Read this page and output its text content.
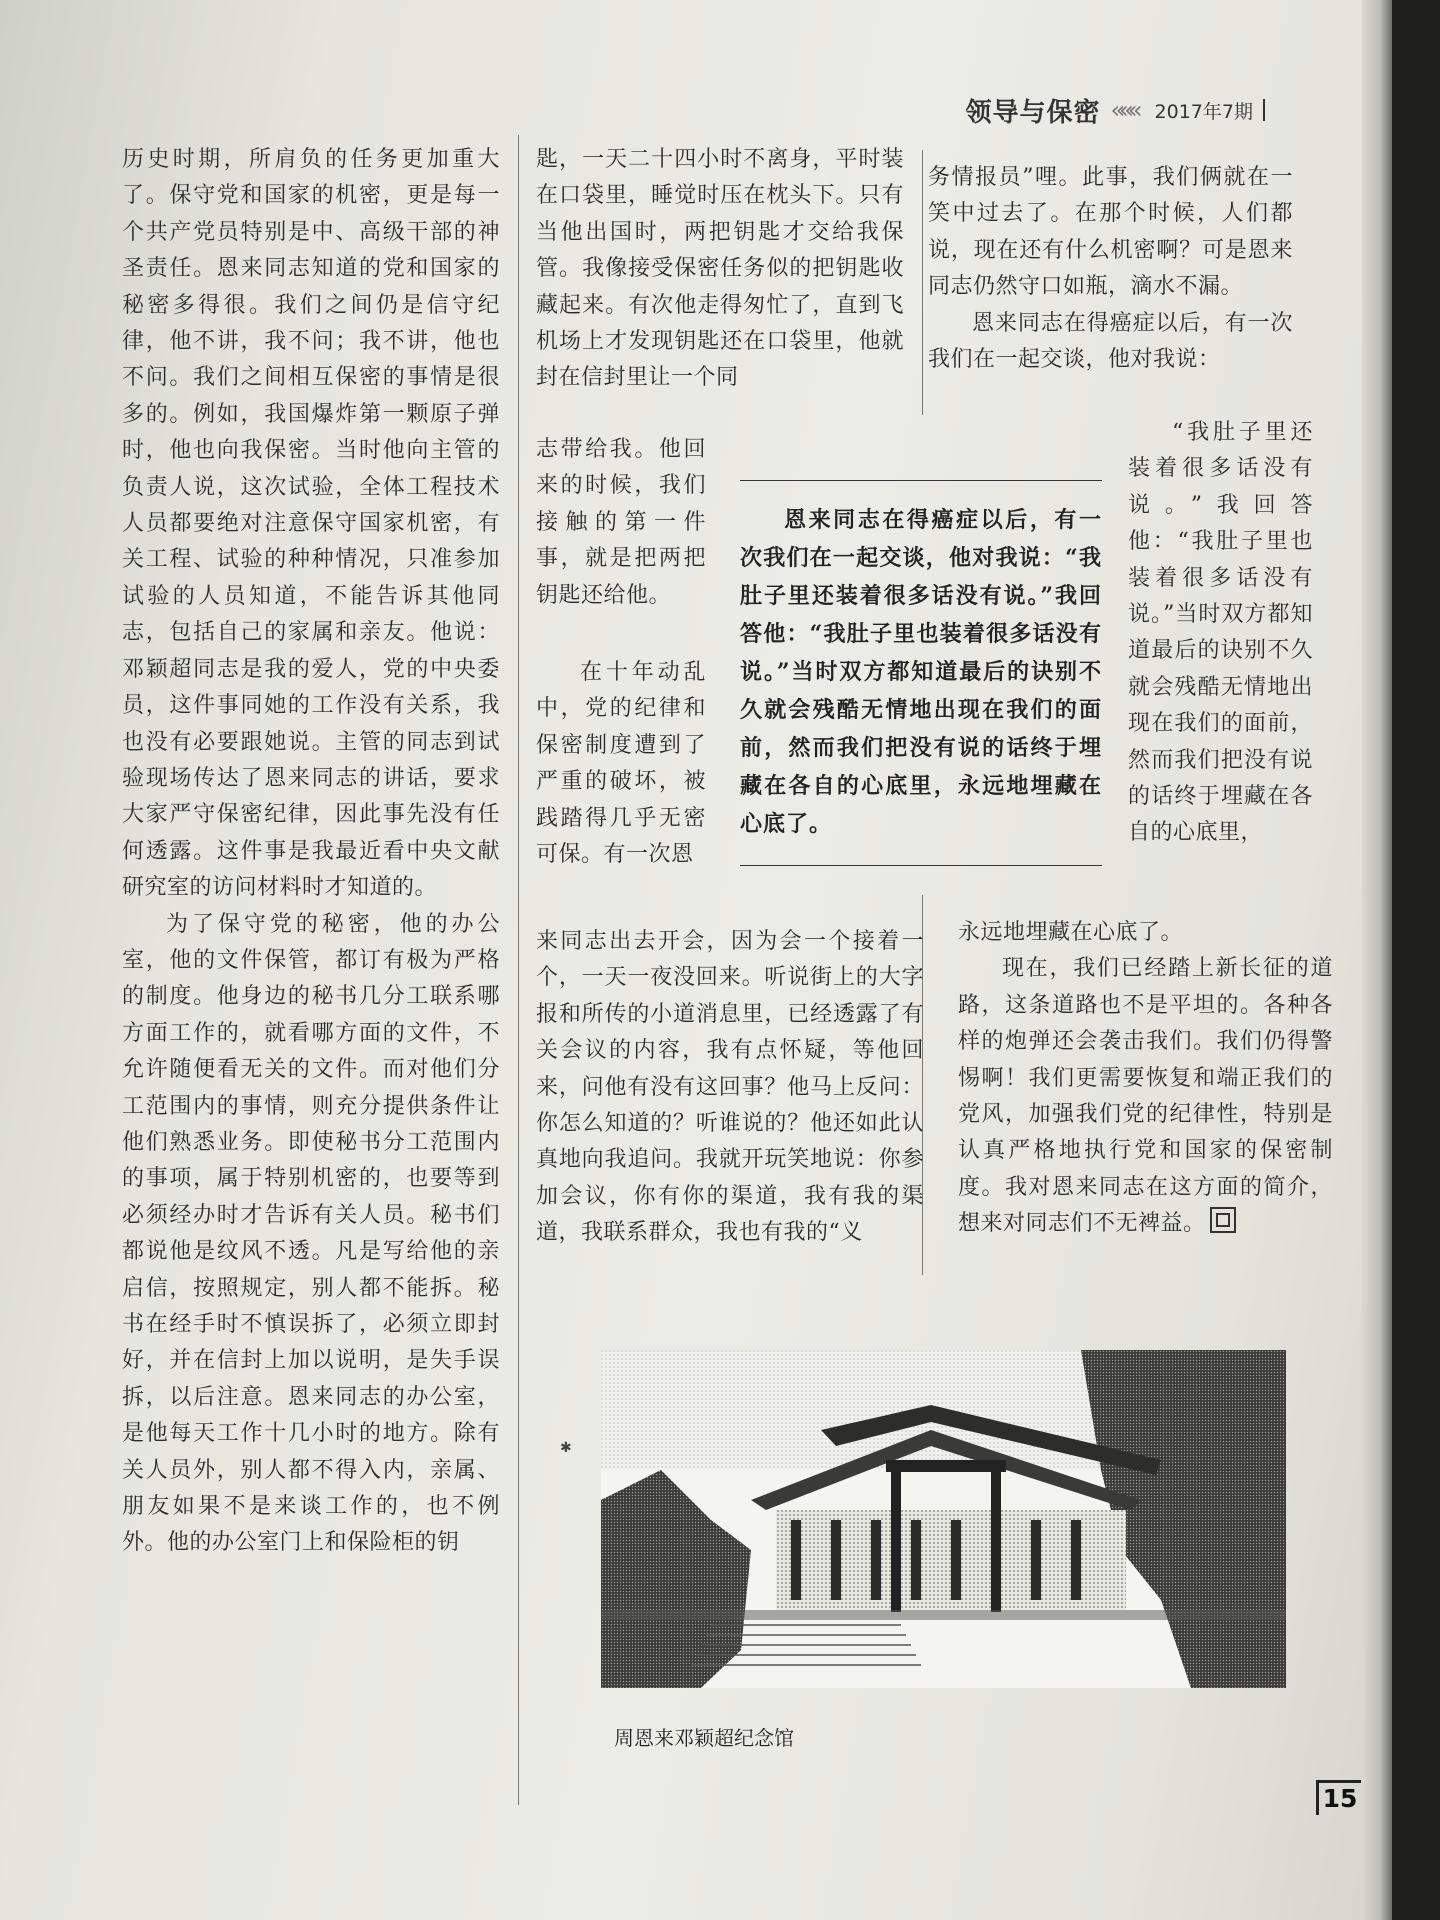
领导与保密 ««« 2017年7期

历史时期，所肩负的任务更加重大了。保守党和国家的机密，更是每一个共产党员特别是中、高级干部的神圣责任。恩来同志知道的党和国家的秘密多得很。我们之间仍是信守纪律，他不讲，我不问；我不讲，他也不问。我们之间相互保密的事情是很多的。例如，我国爆炸第一颗原子弹时，他也向我保密。当时他向主管的负责人说，这次试验，全体工程技术人员都要绝对注意保守国家机密，有关工程、试验的种种情况，只准参加试验的人员知道，不能告诉其他同志，包括自己的家属和亲友。他说：邓颖超同志是我的爱人，党的中央委员，这件事同她的工作没有关系，我也没有必要跟她说。主管的同志到试验现场传达了恩来同志的讲话，要求大家严守保密纪律，因此事先没有任何透露。这件事是我最近看中央文献研究室的访问材料时才知道的。

为了保守党的秘密，他的办公室，他的文件保管，都订有极为严格的制度。他身边的秘书几分工联系哪方面工作的，就看哪方面的文件，不允许随便看无关的文件。而对他们分工范围内的事情，则充分提供条件让他们熟悉业务。即使秘书分工范围内的事项，属于特别机密的，也要等到必须经办时才告诉有关人员。秘书们都说他是纹风不透。凡是写给他的亲启信，按照规定，别人都不能拆。秘书在经手时不慎误拆了，必须立即封好，并在信封上加以说明，是失手误拆，以后注意。恩来同志的办公室，是他每天工作十几小时的地方。除有关人员外，别人都不得入内，亲属、朋友如果不是来谈工作的，也不例外。他的办公室门上和保险柜的钥

匙，一天二十四小时不离身，平时装在口袋里，睡觉时压在枕头下。只有当他出国时，两把钥匙才交给我保管。我像接受保密任务似的把钥匙收藏起来。有次他走得匆忙了，直到飞机场上才发现钥匙还在口袋里，他就封在信封里让一个同

志带给我。他回来的时候，我们接触的第一件事，就是把两把钥匙还给他。

在十年动乱中，党的纪律和保密制度遭到了严重的破坏，被践踏得几乎无密可保。有一次恩

来同志出去开会，因为会一个接着一个，一天一夜没回来。听说街上的大字报和所传的小道消息里，已经透露了有关会议的内容，我有点怀疑，等他回来，问他有没有这回事？他马上反问：你怎么知道的？听谁说的？他还如此认真地向我追问。我就开玩笑地说：你参加会议，你有你的渠道，我有我的渠道，我联系群众，我也有我的“义

务情报员”哩。此事，我们俩就在一笑中过去了。在那个时候，人们都说，现在还有什么机密啊？可是恩来同志仍然守口如瓶，滴水不漏。

恩来同志在得癌症以后，有一次我们在一起交谈，他对我说：

“我肚子里还装着很多话没有说。”我回答他：“我肚子里也装着很多话没有说。”当时双方都知道最后的诀别不久就会残酷无情地出现在我们的面前，然而我们把没有说的话终于埋藏在各自的心底里，

永远地埋藏在心底了。

现在，我们已经踏上新长征的道路，这条道路也不是平坦的。各种各样的炮弹还会袭击我们。我们仍得警惕啊！我们更需要恢复和端正我们的党风，加强我们党的纪律性，特别是认真严格地执行党和国家的保密制度。我对恩来同志在这方面的简介，想来对同志们不无裨益。

恩来同志在得癌症以后，有一次我们在一起交谈，他对我说：“我肚子里还装着很多话没有说。”我回答他：“我肚子里也装着很多话没有说。”当时双方都知道最后的诀别不久就会残酷无情地出现在我们的面前，然而我们把没有说的话终于埋藏在各自的心底里，永远地埋藏在心底了。

✱
周恩来邓颖超纪念馆
15
